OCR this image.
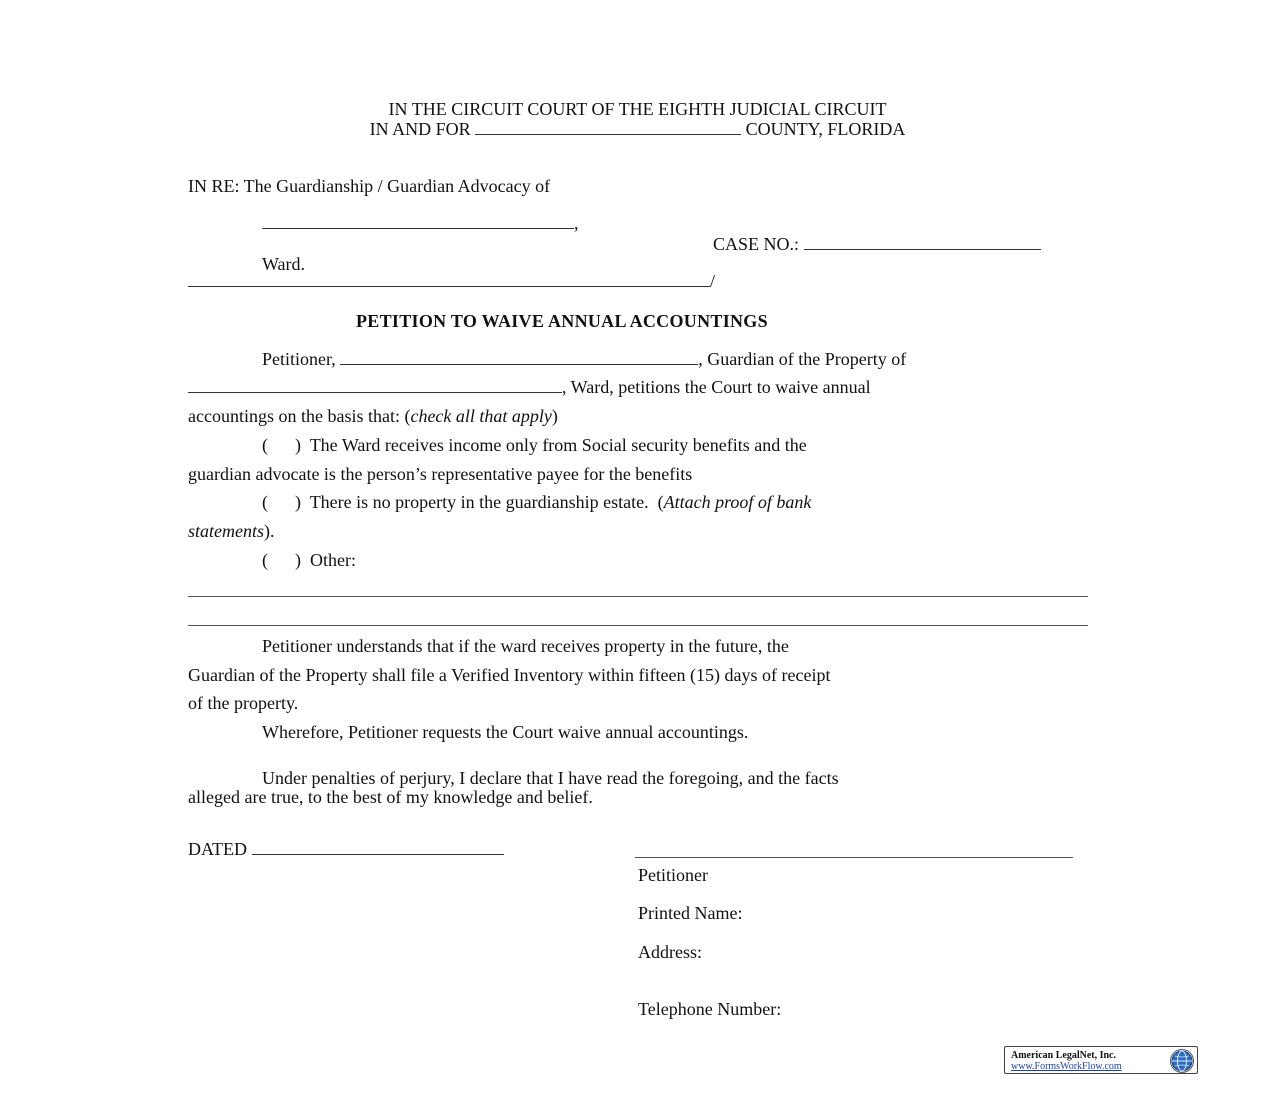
IN THE CIRCUIT COURT OF THE EIGHTH JUDICIAL CIRCUIT
IN AND FOR	COUNTY, FLORIDA
IN RE: The Guardianship / Guardian Advocacy of
,
CASE NO.:
Ward.
/
PETITION TO WAIVE ANNUAL ACCOUNTINGS
Petitioner,	, Guardian of the Property of
, Ward, petitions the Court to waive annual
accountings on the basis that: (check all that apply)
(      ) The Ward receives income only from Social security benefits and the
guardian advocate is the person’s representative payee for the benefits
(      ) There is no property in the guardianship estate.  (Attach proof of bank
statements).
(      ) Other:
Petitioner understands that if the ward receives property in the future, the
Guardian of the Property shall file a Verified Inventory within fifteen (15) days of receipt
of the property.
Wherefore, Petitioner requests the Court waive annual accountings.
Under penalties of perjury, I declare that I have read the foregoing, and the facts
alleged are true, to the best of my knowledge and belief.
DATED
Petitioner
Printed Name:
Address:
Telephone Number:
American LegalNet, Inc.
www.FormsWorkFlow.com
